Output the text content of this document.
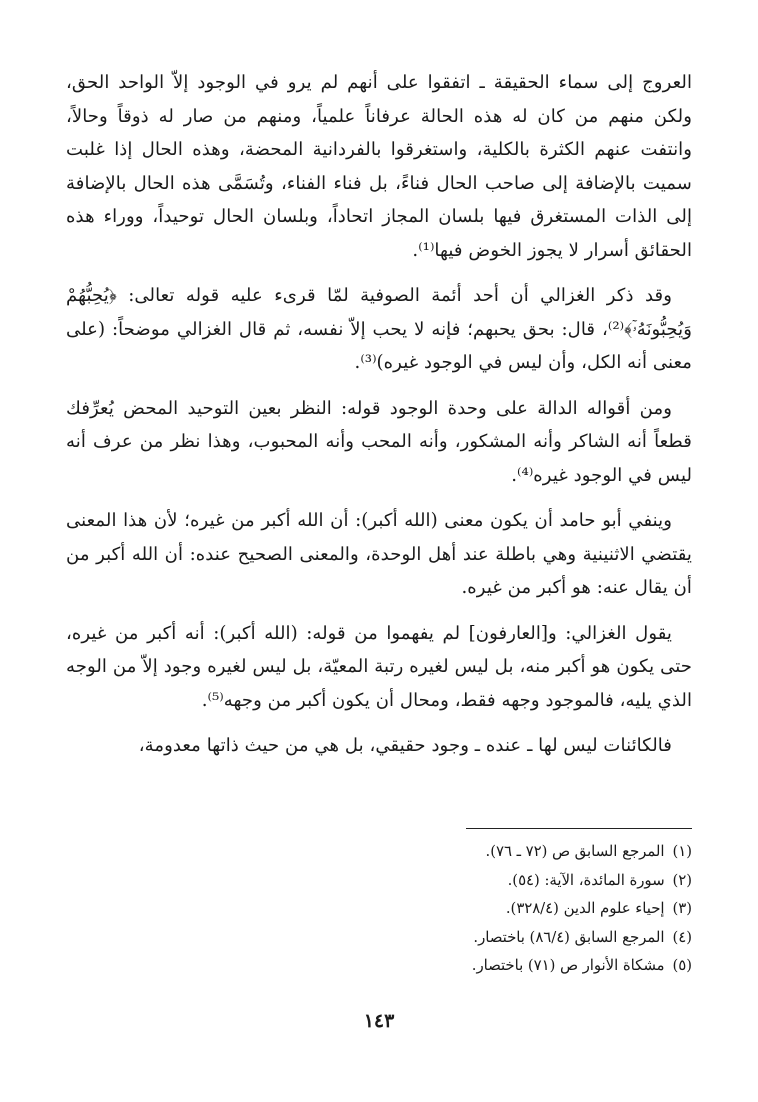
العروج إلى سماء الحقيقة ـ اتفقوا على أنهم لم يرو في الوجود إلاّ الواحد الحق، ولكن منهم من كان له هذه الحالة عرفاناً علمياً، ومنهم من صار له ذوقاً وحالاً، وانتفت عنهم الكثرة بالكلية، واستغرقوا بالفردانية المحضة، وهذه الحال إذا غلبت سميت بالإضافة إلى صاحب الحال فناءً، بل فناء الفناء، وتُسَمَّى هذه الحال بالإضافة إلى الذات المستغرق فيها بلسان المجاز اتحاداً، وبلسان الحال توحيداً، ووراء هذه الحقائق أسرار لا يجوز الخوض فيها⁽¹⁾.

وقد ذكر الغزالي أن أحد أئمة الصوفية لمّا قرىء عليه قوله تعالى: ﴿يُحِبُّهُمْ وَيُحِبُّونَهُۥٓ﴾⁽²⁾، قال: بحق يحبهم؛ فإنه لا يحب إلاّ نفسه، ثم قال الغزالي موضحاً: (على معنى أنه الكل، وأن ليس في الوجود غيره)⁽³⁾.

ومن أقواله الدالة على وحدة الوجود قوله: النظر بعين التوحيد المحض يُعرِّفك قطعاً أنه الشاكر وأنه المشكور، وأنه المحب وأنه المحبوب، وهذا نظر من عرف أنه ليس في الوجود غيره⁽⁴⁾.

وينفي أبو حامد أن يكون معنى (الله أكبر): أن الله أكبر من غيره؛ لأن هذا المعنى يقتضي الاثنينية وهي باطلة عند أهل الوحدة، والمعنى الصحيح عنده: أن الله أكبر من أن يقال عنه: هو أكبر من غيره.

يقول الغزالي: و[العارفون] لم يفهموا من قوله: (الله أكبر): أنه أكبر من غيره، حتى يكون هو أكبر منه، بل ليس لغيره رتبة المعيّة، بل ليس لغيره وجود إلاّ من الوجه الذي يليه، فالموجود وجهه فقط، ومحال أن يكون أكبر من وجهه⁽⁵⁾.

فالكائنات ليس لها ـ عنده ـ وجود حقيقي، بل هي من حيث ذاتها معدومة،

(١)المرجع السابق ص (٧٢ ـ ٧٦).
(٢)سورة المائدة، الآية: (٥٤).
(٣)إحياء علوم الدين (٣٢٨/٤).
(٤)المرجع السابق (٨٦/٤) باختصار.
(٥)مشكاة الأنوار ص (٧١) باختصار.
١٤٣
